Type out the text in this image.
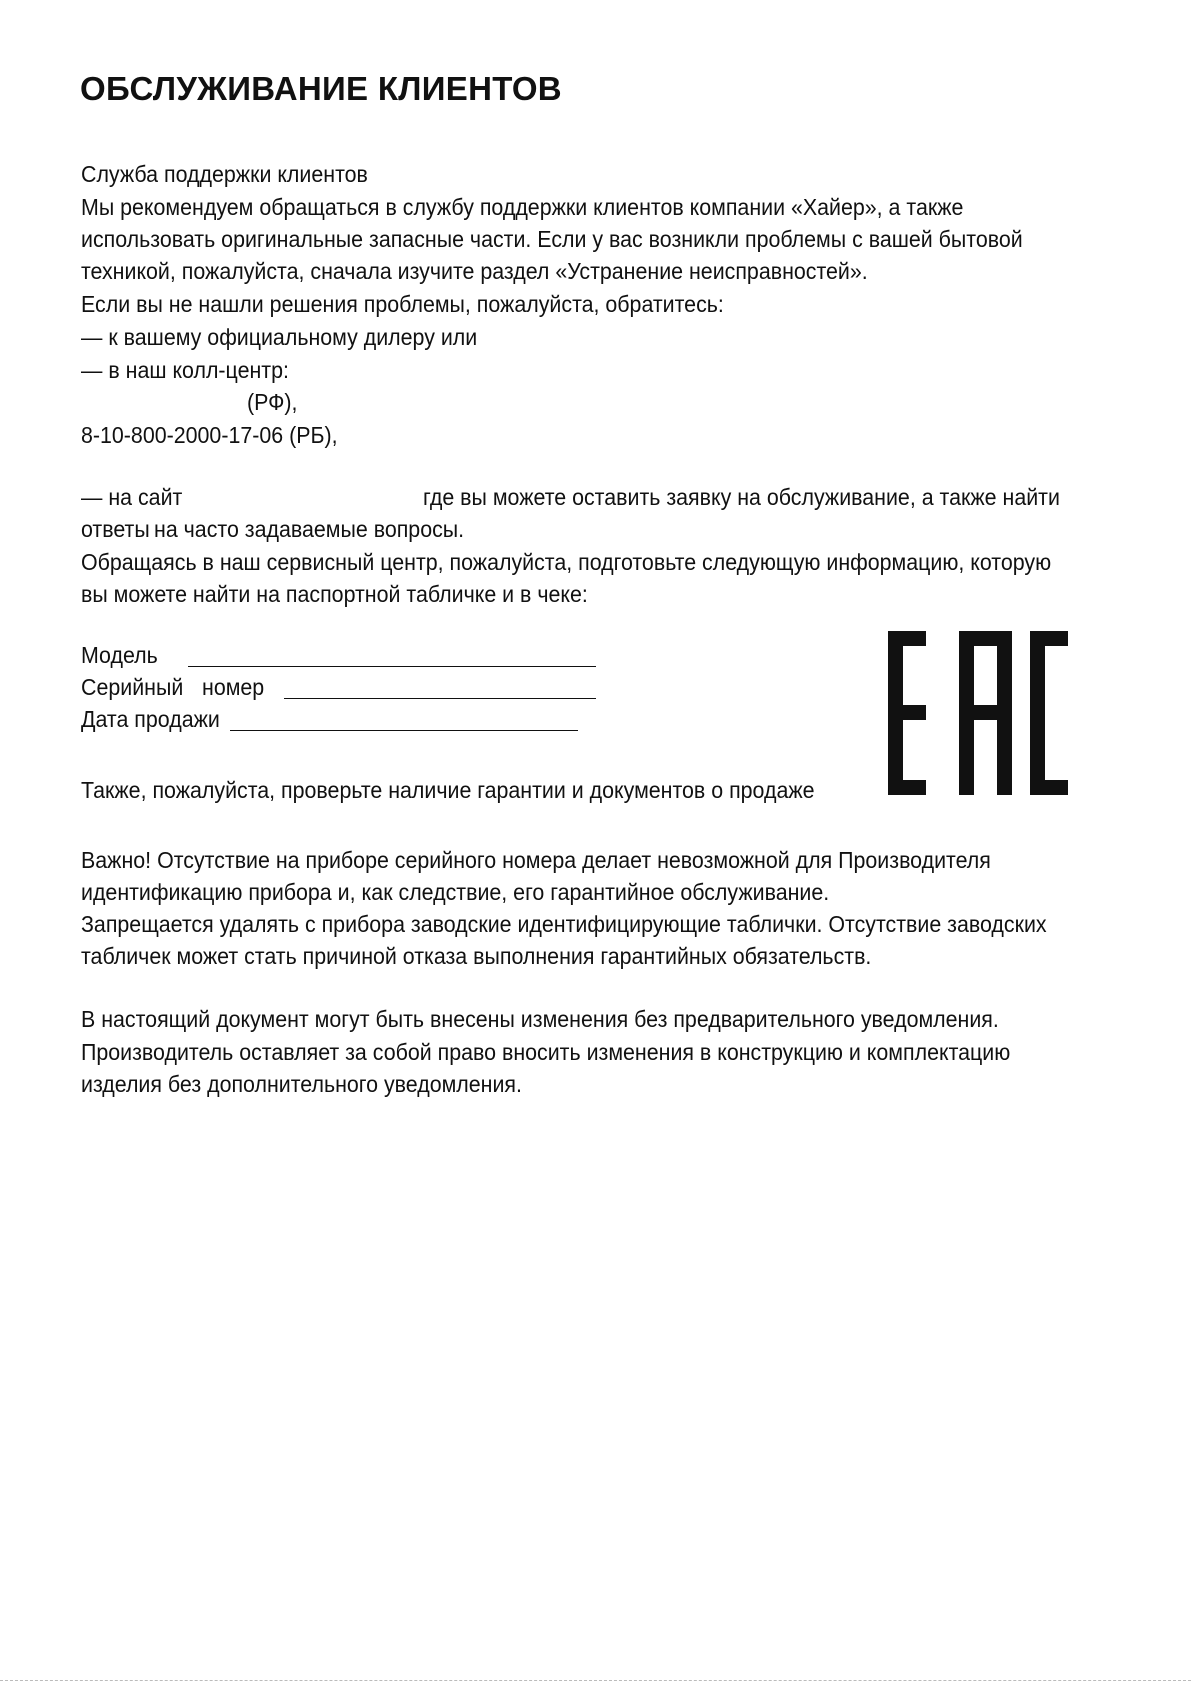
ОБСЛУЖИВАНИЕ КЛИЕНТОВ
Служба поддержки клиентов
Мы рекомендуем обращаться в службу поддержки клиентов компании «Хайер», а также
использовать оригинальные запасные части. Если у вас возникли проблемы с вашей бытовой
техникой, пожалуйста, сначала изучите раздел «Устранение неисправностей».
Если вы не нашли решения проблемы, пожалуйста, обратитесь:
— к вашему официальному дилеру или
— в наш колл-центр:
(РФ),
8-10-800-2000-17-06 (РБ),
— на сайт	где вы можете оставить заявку на обслуживание, а также найти
ответы на часто задаваемые вопросы.
Обращаясь в наш сервисный центр, пожалуйста, подготовьте следующую информацию, которую
вы можете найти на паспортной табличке и в чеке:
Модель
Серийный номер
Дата продажи
Также, пожалуйста, проверьте наличие гарантии и документов о продаже
Важно! Отсутствие на приборе серийного номера делает невозможной для Производителя
идентификацию прибора и, как следствие, его гарантийное обслуживание.
Запрещается удалять с прибора заводские идентифицирующие таблички. Отсутствие заводских
табличек может стать причиной отказа выполнения гарантийных обязательств.
В настоящий документ могут быть внесены изменения без предварительного уведомления.
Производитель оставляет за собой право вносить изменения в конструкцию и комплектацию
изделия без дополнительного уведомления.
